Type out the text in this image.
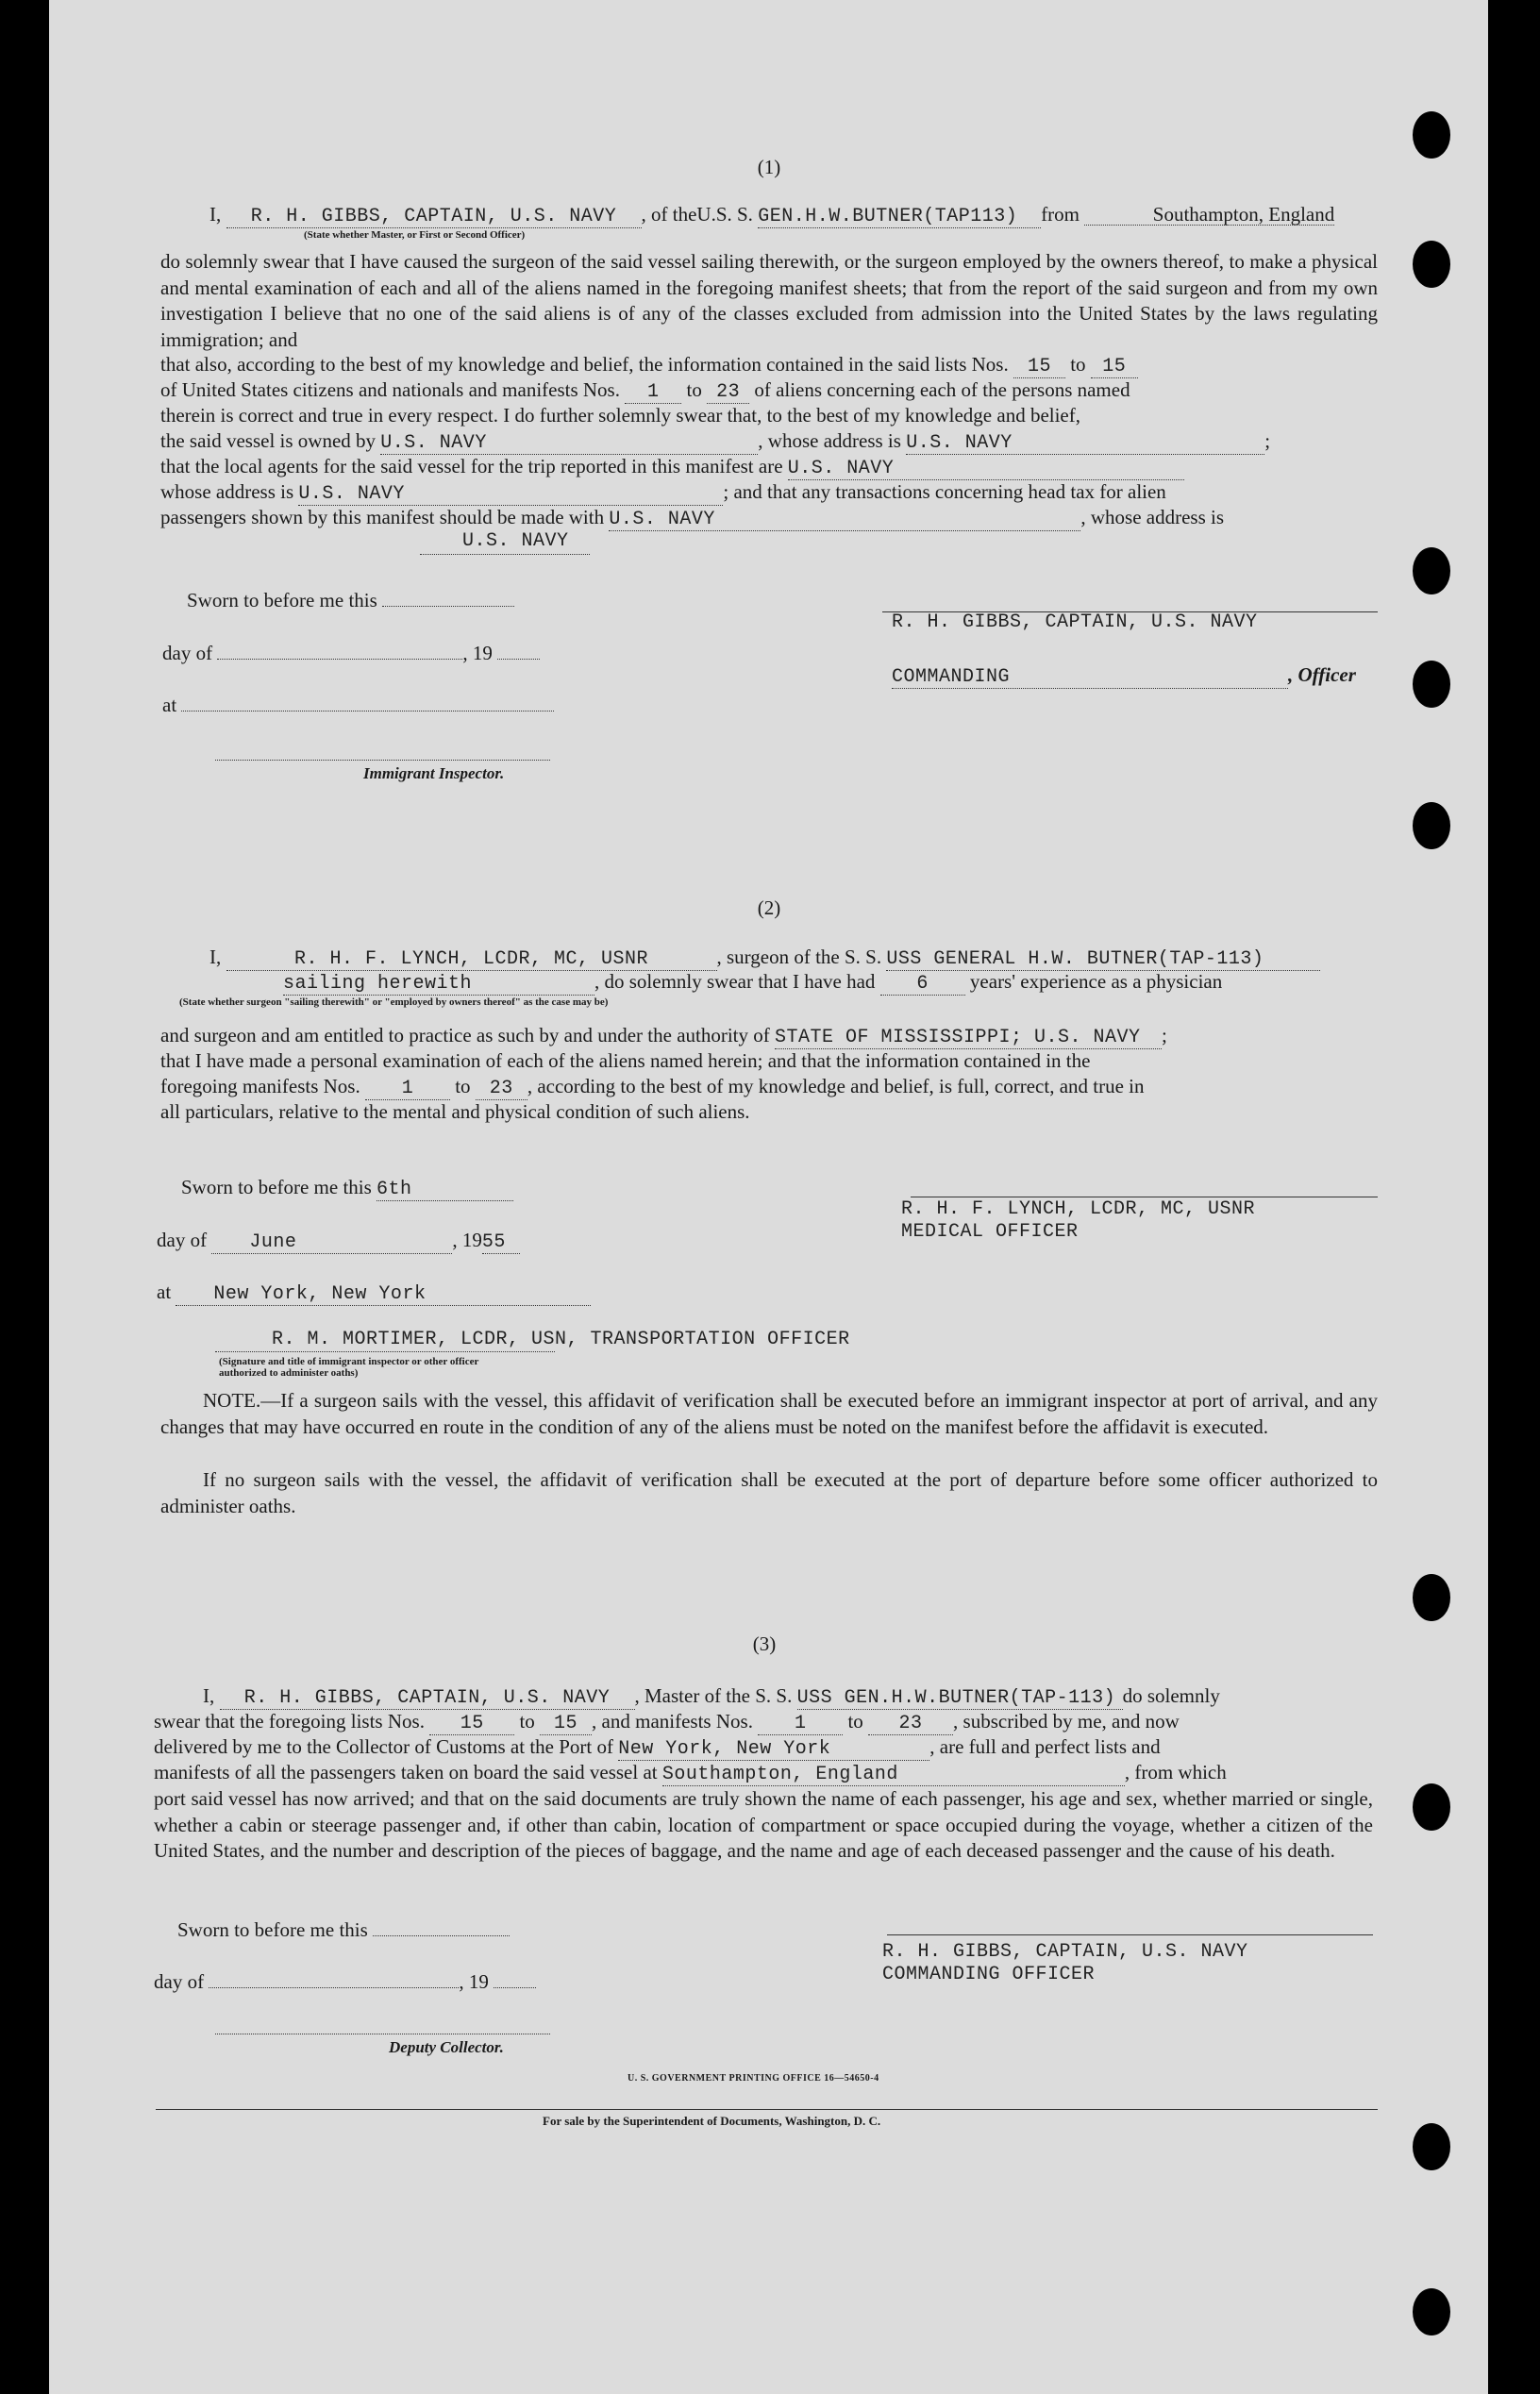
(1)
I, R. H. GIBBS, CAPTAIN, U.S. NAVY , of theU.S. S. GEN.H.W.BUTNER(TAP113) from	Southampton, England
(State whether Master, or First or Second Officer)

do solemnly swear that I have caused the surgeon of the said vessel sailing therewith, or the surgeon employed by the owners thereof, to make a physical and mental examination of each and all of the aliens named in the foregoing manifest sheets; that from the report of the said surgeon and from my own investigation I believe that no one of the said aliens is of any of the classes excluded from admission into the United States by the laws regulating immigration; and

that also, according to the best of my knowledge and belief, the information contained in the said lists Nos. 15 to 15
of United States citizens and nationals and manifests Nos. 1 to 23 of aliens concerning each of the persons named
therein is correct and true in every respect. I do further solemnly swear that, to the best of my knowledge and belief,
the said vessel is owned by U.S. NAVY	, whose address is U.S. NAVY	;
that the local agents for the said vessel for the trip reported in this manifest are U.S. NAVY
whose address is U.S. NAVY	; and that any transactions concerning head tax for alien
passengers shown by this manifest should be made with U.S. NAVY	, whose address is
U.S. NAVY
Sworn to before me this
R. H. GIBBS, CAPTAIN, U.S. NAVY
day of	, 19
COMMANDING	, Officer
at
Immigrant Inspector.
(2)
I,	R. H. F. LYNCH, LCDR, MC, USNR	, surgeon of the S. S. USS GENERAL H.W. BUTNER(TAP-113)
sailing herewith	, do solemnly swear that I have had 6 years' experience as a physician
(State whether surgeon "sailing therewith" or "employed by owners thereof" as the case may be)
and surgeon and am entitled to practice as such by and under the authority of STATE OF MISSISSIPPI; U.S. NAVY ;
that I have made a personal examination of each of the aliens named herein; and that the information contained in the
foregoing manifests Nos. 1 to 23 , according to the best of my knowledge and belief, is full, correct, and true in
all particulars, relative to the mental and physical condition of such aliens.
Sworn to before me this 6th
R. H. F. LYNCH, LCDR, MC, USNR
MEDICAL OFFICER
day of June	, 1955
at New York, New York
R. M. MORTIMER, LCDR, USN, TRANSPORTATION OFFICER
(Signature and title of immigrant inspector or other officer authorized to administer oaths)

NOTE.—If a surgeon sails with the vessel, this affidavit of verification shall be executed before an immigrant inspector at port of arrival, and any changes that may have occurred en route in the condition of any of the aliens must be noted on the manifest before the affidavit is executed.

If no surgeon sails with the vessel, the affidavit of verification shall be executed at the port of departure before some officer authorized to administer oaths.

(3)
I, R. H. GIBBS, CAPTAIN, U.S. NAVY , Master of the S. S. USS GEN.H.W.BUTNER(TAP-113) do solemnly
swear that the foregoing lists Nos. 15 to 15 , and manifests Nos. 1 to 23 , subscribed by me, and now
delivered by me to the Collector of Customs at the Port of New York, New York	, are full and perfect lists and
manifests of all the passengers taken on board the said vessel at Southampton, England	, from which

port said vessel has now arrived; and that on the said documents are truly shown the name of each passenger, his age and sex, whether married or single, whether a cabin or steerage passenger and, if other than cabin, location of compartment or space occupied during the voyage, whether a citizen of the United States, and the number and description of the pieces of baggage, and the name and age of each deceased passenger and the cause of his death.

Sworn to before me this
R. H. GIBBS, CAPTAIN, U.S. NAVY
COMMANDING OFFICER
day of	, 19
Deputy Collector.
U. S. GOVERNMENT PRINTING OFFICE 16—54650-4
For sale by the Superintendent of Documents, Washington, D. C.
